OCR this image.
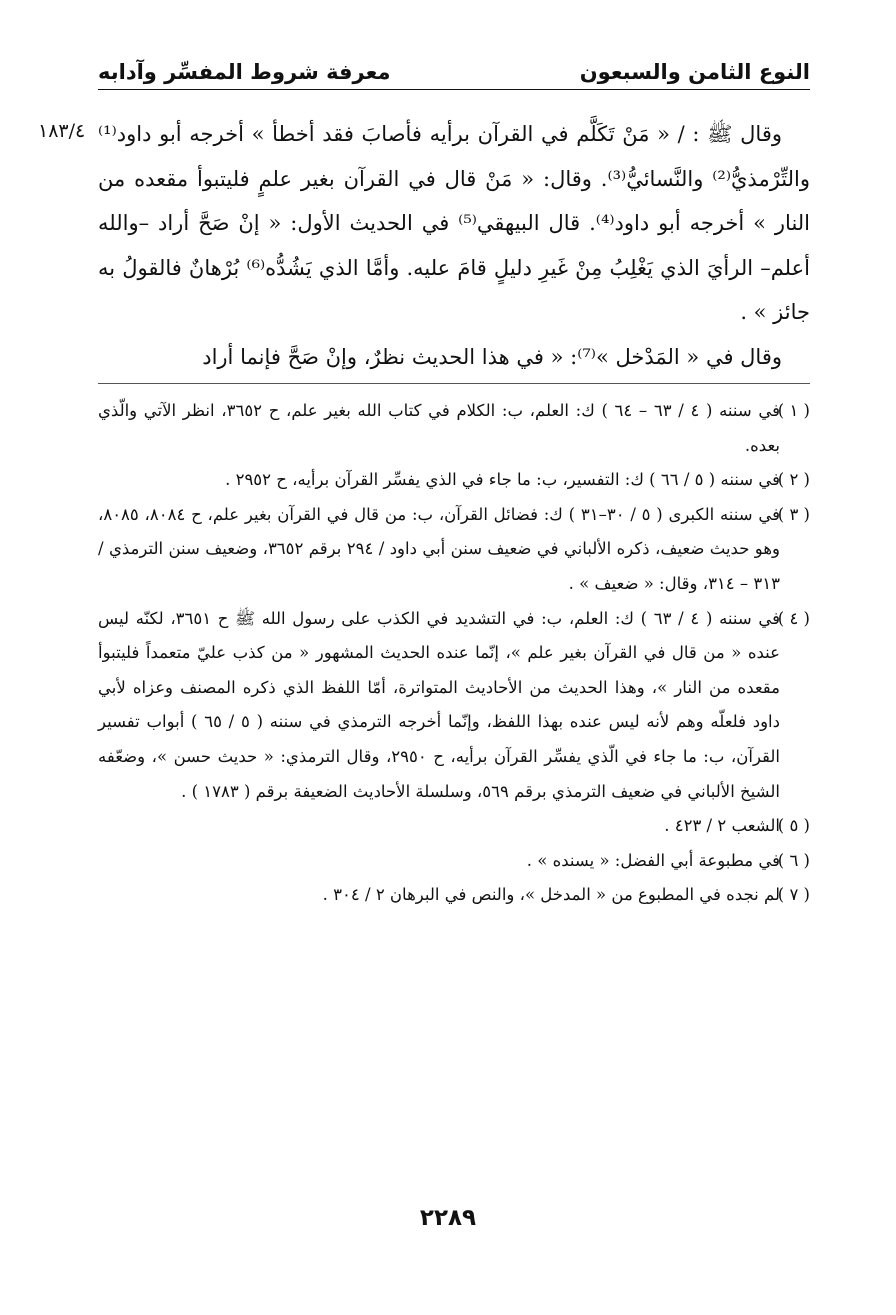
النوع الثامن والسبعون
معرفة شروط المفسِّر وآدابه
١٨٣/٤ وقال ﷺ : / « مَنْ تَكَلَّم في القرآن برأيه فأصابَ فقد أخطأ » أخرجه أبو داود⁽¹⁾ والتِّرْمذيُّ⁽²⁾ والنَّسائيُّ⁽³⁾. وقال: « مَنْ قال في القرآن بغير علمٍ فليتبوأ مقعده من النار » أخرجه أبو داود⁽⁴⁾. قال البيهقي⁽⁵⁾ في الحديث الأول: « إنْ صَحَّ أراد –والله أعلم– الرأيَ الذي يَغْلِبُ مِنْ غَيرِ دليلٍ قامَ عليه. وأمَّا الذي يَشُدُّه⁽⁶⁾ بُرْهانٌ فالقولُ به جائز » .

وقال في « المَدْخل »⁽⁷⁾: « في هذا الحديث نظرٌ، وإنْ صَحَّ فإنما أراد

( ١ )
في سننه ( ٤ / ٦٣ – ٦٤ ) ك: العلم، ب: الكلام في كتاب الله بغير علم، ح ٣٦٥٢، انظر الآتي والّذي بعده.

( ٢ )
في سننه ( ٥ / ٦٦ ) ك: التفسير، ب: ما جاء في الذي يفسِّر القرآن برأيه، ح ٢٩٥٢ .

( ٣ )
في سننه الكبرى ( ٥ / ٣٠–٣١ ) ك: فضائل القرآن، ب: من قال في القرآن بغير علم، ح ٨٠٨٤، ٨٠٨٥، وهو حديث ضعيف، ذكره الألباني في ضعيف سنن أبي داود / ٢٩٤ برقم ٣٦٥٢، وضعيف سنن الترمذي / ٣١٣ – ٣١٤، وقال: « ضعيف » .

( ٤ )
في سننه ( ٤ / ٦٣ ) ك: العلم، ب: في التشديد في الكذب على رسول الله ﷺ ح ٣٦٥١، لكنّه ليس عنده « من قال في القرآن بغير علم »، إنّما عنده الحديث المشهور « من كذب عليّ متعمداً فليتبوأ مقعده من النار »، وهذا الحديث من الأحاديث المتواترة، أمّا اللفظ الذي ذكره المصنف وعزاه لأبي داود فلعلّه وهم لأنه ليس عنده بهذا اللفظ، وإنّما أخرجه الترمذي في سننه ( ٥ / ٦٥ ) أبواب تفسير القرآن، ب: ما جاء في الّذي يفسِّر القرآن برأيه، ح ٢٩٥٠، وقال الترمذي: « حديث حسن »، وضعّفه الشيخ الألباني في ضعيف الترمذي برقم ٥٦٩، وسلسلة الأحاديث الضعيفة برقم ( ١٧٨٣ ) .

( ٥ )
الشعب ٢ / ٤٢٣ .

( ٦ )
في مطبوعة أبي الفضل: « يسنده » .

( ٧ )
لم نجده في المطبوع من « المدخل »، والنص في البرهان ٢ / ٣٠٤ .

٢٢٨٩
